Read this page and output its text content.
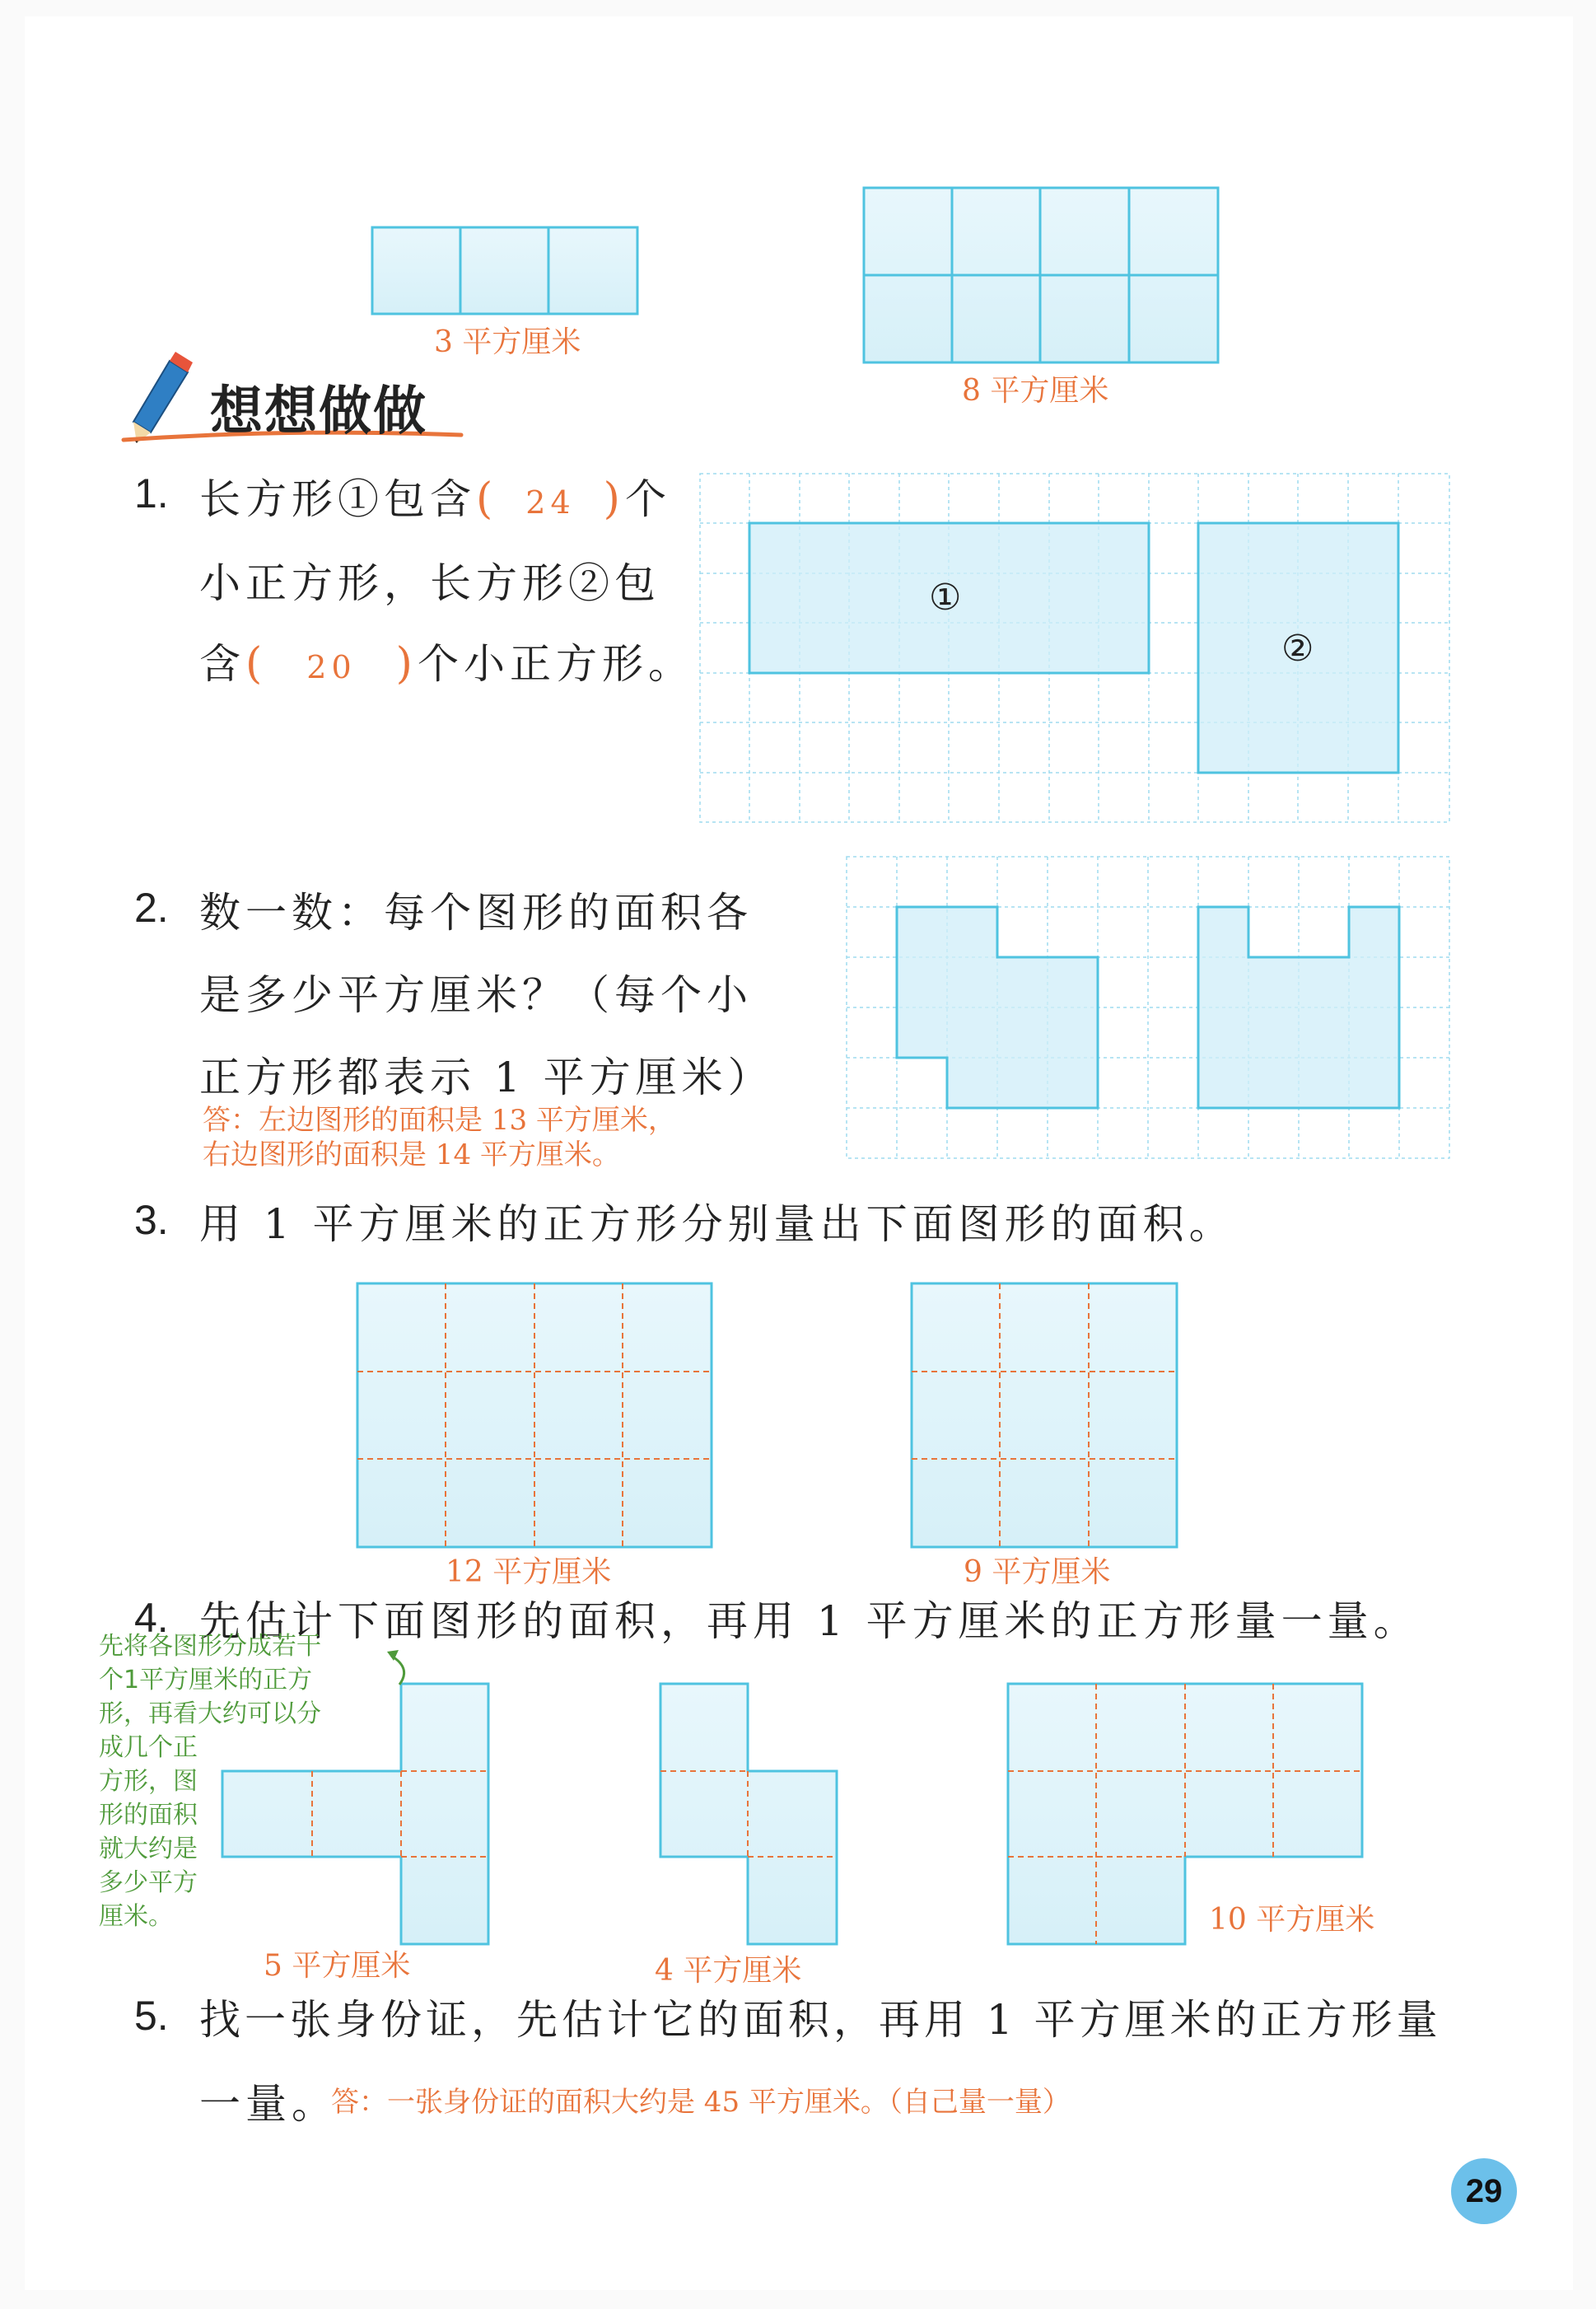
3 平方厘米
8 平方厘米
想想做做
1. 长方形①包含( 24 )个
小正方形，长方形②包
含( 20 )个小正方形。
①
②
2. 数一数：每个图形的面积各
是多少平方厘米？（每个小
正方形都表示 1 平方厘米）
答：左边图形的面积是 13 平方厘米，
右边图形的面积是 14 平方厘米。
3. 用 1 平方厘米的正方形分别量出下面图形的面积。
12 平方厘米	9 平方厘米
4. 先估计下面图形的面积，再用 1 平方厘米的正方形量一量。
先将各图形分成若干
个1平方厘米的正方
形，再看大约可以分
成几个正
方形，图
形的面积
就大约是
多少平方
厘米。
5 平方厘米	4 平方厘米
10 平方厘米
5. 找一张身份证，先估计它的面积，再用 1 平方厘米的正方形量
一量。
答：一张身份证的面积大约是 45 平方厘米。（自己量一量）
29
